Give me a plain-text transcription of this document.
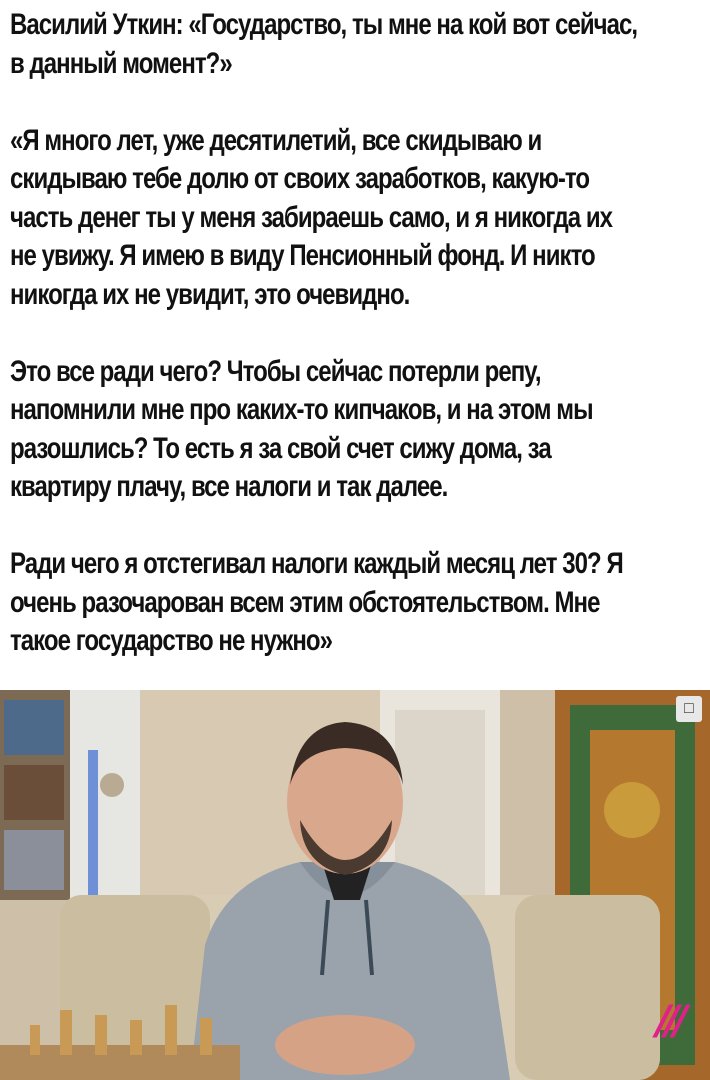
Василий Уткин: «Государство, ты мне на кой вот сейчас,
в данный момент?»

«Я много лет, уже десятилетий, все скидываю и
скидываю тебе долю от своих заработков, какую-то
часть денег ты у меня забираешь само, и я никогда их
не увижу. Я имею в виду Пенсионный фонд. И никто
никогда их не увидит, это очевидно.

Это все ради чего? Чтобы сейчас потерли репу,
напомнили мне про каких-то кипчаков, и на этом мы
разошлись? То есть я за свой счет сижу дома, за
квартиру плачу, все налоги и так далее.

Ради чего я отстегивал налоги каждый месяц лет 30? Я
очень разочарован всем этим обстоятельством. Мне
такое государство не нужно»

□
///
